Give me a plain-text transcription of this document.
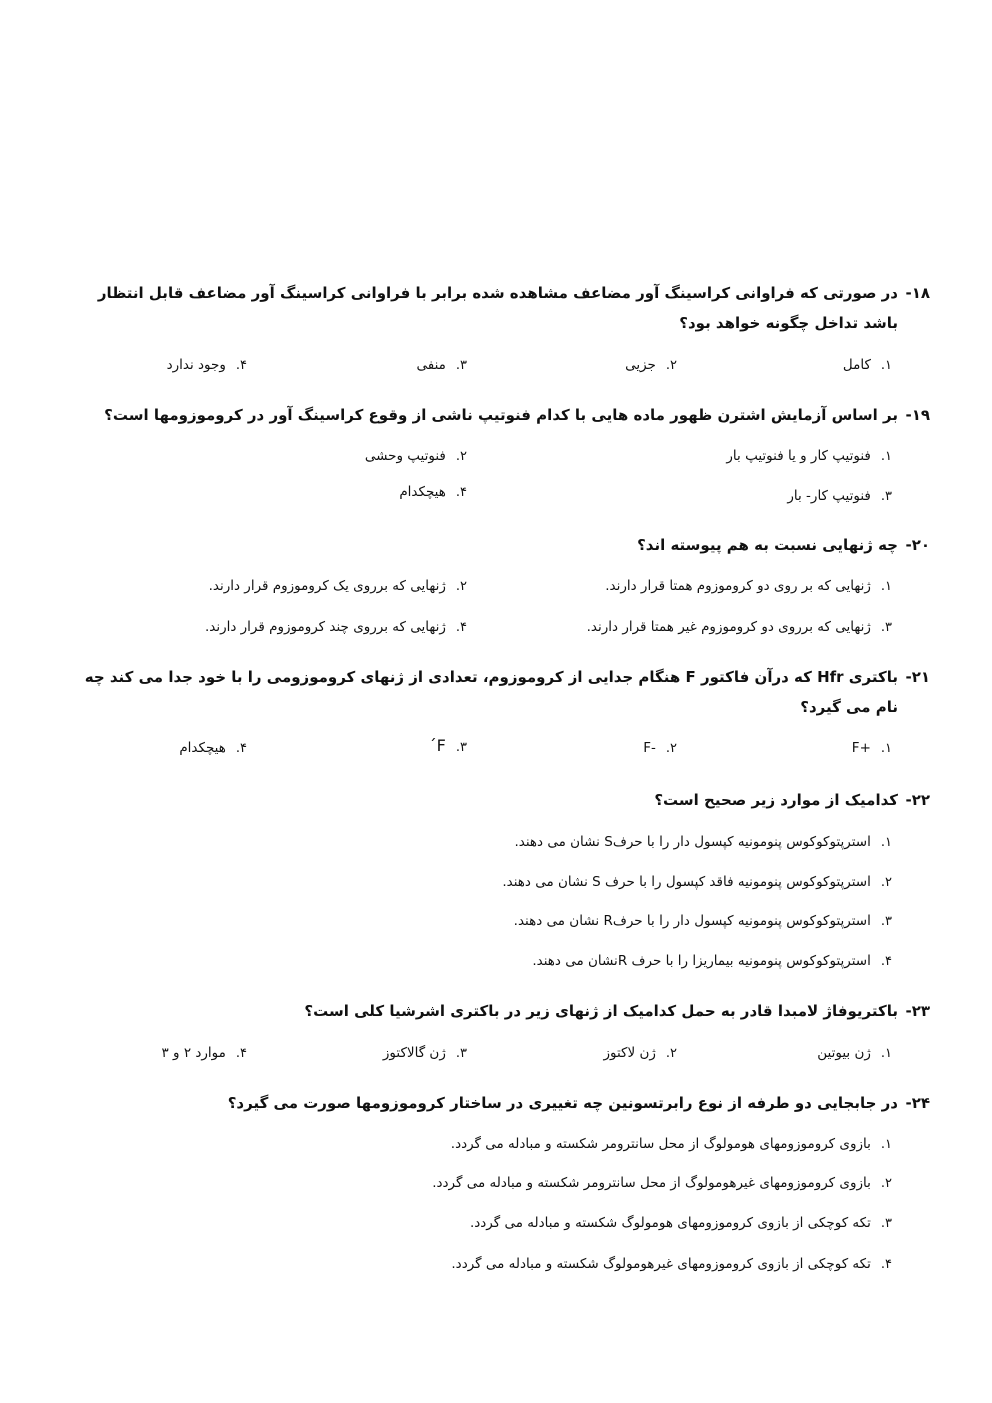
۱۸-
در صورتی که فراوانی کراسینگ آور مضاعف مشاهده شده برابر با فراوانی کراسینگ آور مضاعف قابل انتظار باشد تداخل چگونه خواهد بود؟
۱.کامل
۲.جزیی
۳.منفی
۴.وجود ندارد
۱۹-
بر اساس آزمایش اشترن ظهور ماده هایی با کدام فنوتیپ ناشی از وقوع کراسینگ آور در کروموزومها است؟
۱.فنوتیپ کار و یا فنوتیپ بار
۲.فنوتیپ وحشی
۳.فنوتیپ کار- بار
۴.هیچکدام
۲۰-
چه ژنهایی نسبت به هم پیوسته اند؟
۱.ژنهایی که بر روی دو کروموزوم همتا قرار دارند.
۲.ژنهایی که برروی یک کروموزوم قرار دارند.
۳.ژنهایی که برروی دو کروموزوم غیر همتا قرار دارند.
۴.ژنهایی که برروی چند کروموزوم قرار دارند.
۲۱-
باکتری Hfr که درآن فاکتور F هنگام جدایی از کروموزوم، تعدادی از ژنهای کروموزومی را با خود جدا می کند چه نام می گیرد؟
۱.+F
۲.-F
۳.F´
۴.هیچکدام
۲۲-
کدامیک از موارد زیر صحیح است؟
۱.استرپتوکوکوس پنومونیه کپسول دار را با حرفS نشان می دهند.
۲.استرپتوکوکوس پنومونیه فاقد کپسول را با حرف S نشان می دهند.
۳.استرپتوکوکوس پنومونیه کپسول دار را با حرفR نشان می دهند.
۴.استرپتوکوکوس پنومونیه بیماریزا را با حرف Rنشان می دهند.
۲۳-
باکتریوفاژ لامبدا قادر به حمل کدامیک از ژنهای زیر در باکتری اشرشیا کلی است؟
۱.ژن بیوتین
۲.ژن لاکتوز
۳.ژن گالاکتوز
۴.موارد ۲ و ۳
۲۴-
در جابجایی دو طرفه از نوع رابرتسونین چه تغییری در ساختار کروموزومها صورت می گیرد؟
۱.بازوی کروموزومهای هومولوگ از محل سانترومر شکسته و مبادله می گردد.
۲.بازوی کروموزومهای غیرهومولوگ از محل سانترومر شکسته و مبادله می گردد.
۳.تکه کوچکی از بازوی کروموزومهای هومولوگ شکسته و مبادله می گردد.
۴.تکه کوچکی از بازوی کروموزومهای غیرهومولوگ شکسته و مبادله می گردد.
